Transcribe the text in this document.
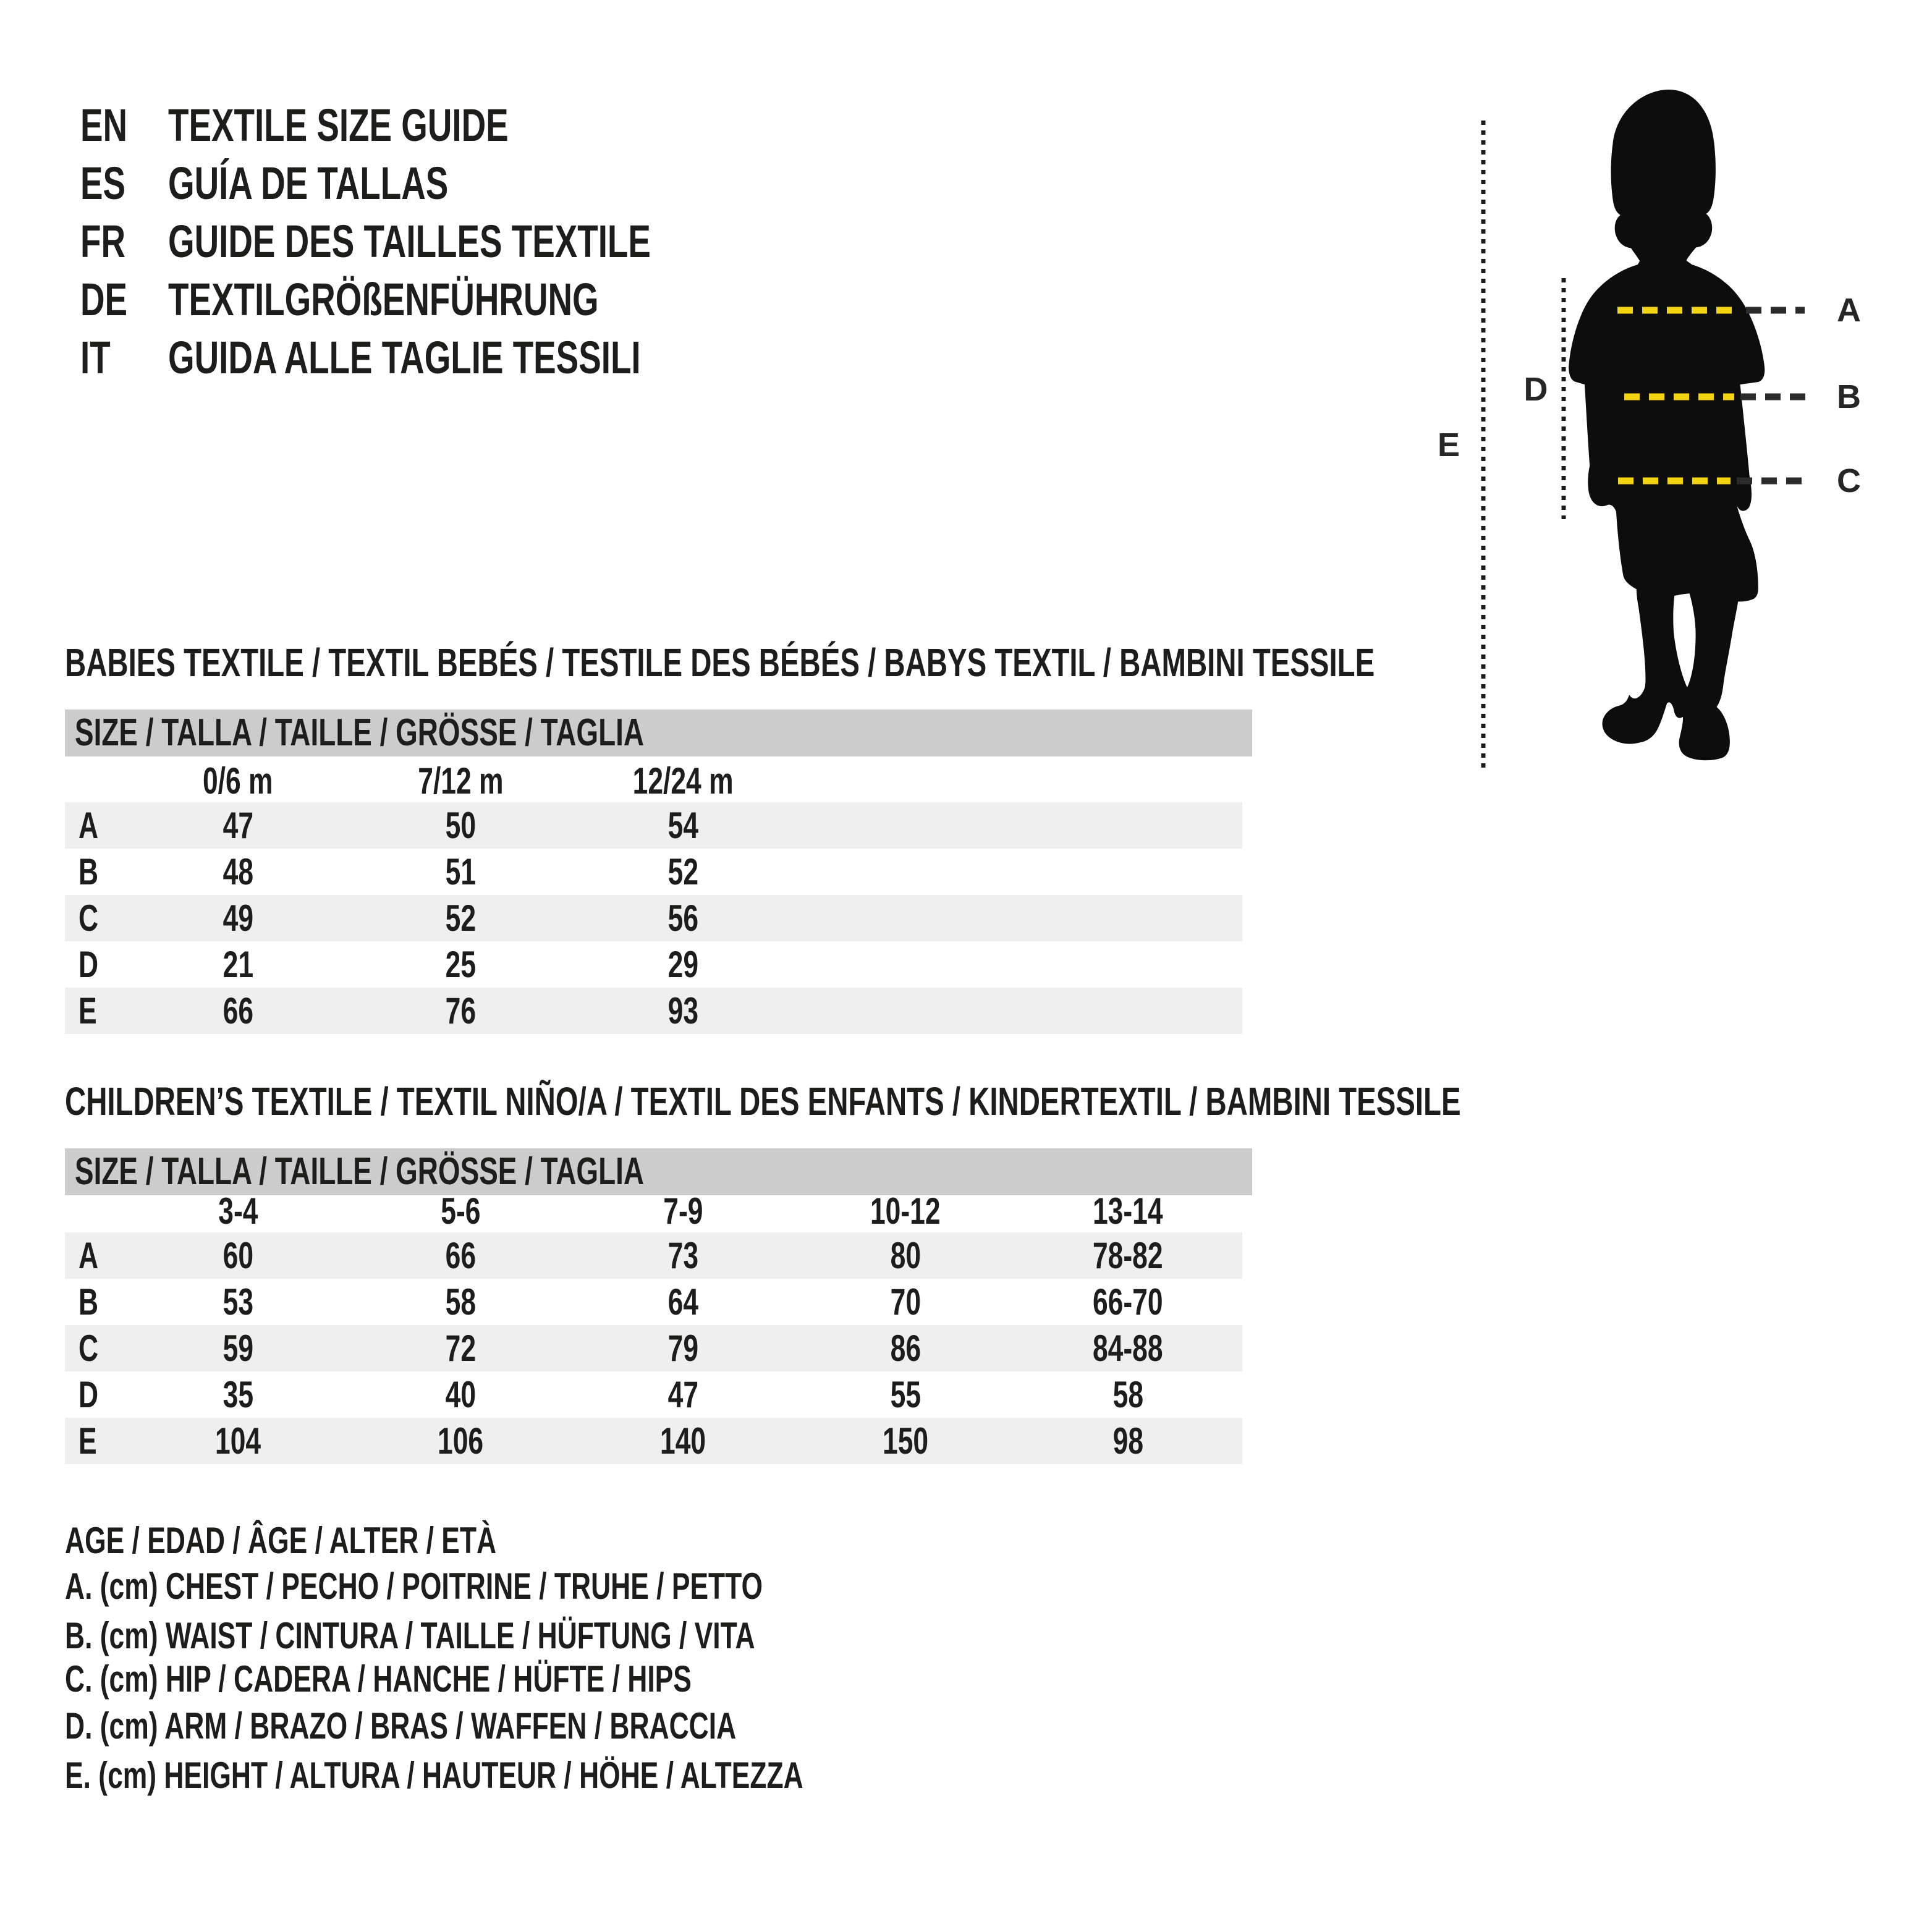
EN TEXTILE SIZE GUIDE
ES GUÍA DE TALLAS
FR GUIDE DES TAILLES TEXTILE
DE TEXTILGRÖßENFÜHRUNG
IT GUIDA ALLE TAGLIE TESSILI
E
D
A
B
C
BABIES TEXTILE / TEXTIL BEBÉS / TESTILE DES BÉBÉS / BABYS TEXTIL / BAMBINI TESSILE
SIZE / TALLA / TAILLE / GRÖSSE / TAGLIA
0/6 m	7/12 m	12/24 m
A	47	50	54
B	48	51	52
C	49	52	56
D	21	25	29
E	66	76	93
CHILDREN’S TEXTILE / TEXTIL NIÑO/A / TEXTIL DES ENFANTS / KINDERTEXTIL / BAMBINI TESSILE
SIZE / TALLA / TAILLE / GRÖSSE / TAGLIA
3-4	5-6	7-9	10-12	13-14
A	60	66	73	80	78-82
B	53	58	64	70	66-70
C	59	72	79	86	84-88
D	35	40	47	55	58
E	104	106	140	150	98
AGE / EDAD / ÂGE / ALTER / ETÀ
A. (cm) CHEST / PECHO / POITRINE / TRUHE / PETTO
B. (cm) WAIST / CINTURA / TAILLE / HÜFTUNG / VITA
C. (cm) HIP / CADERA / HANCHE / HÜFTE / HIPS
D. (cm) ARM / BRAZO / BRAS / WAFFEN / BRACCIA
E. (cm) HEIGHT / ALTURA / HAUTEUR / HÖHE / ALTEZZA
